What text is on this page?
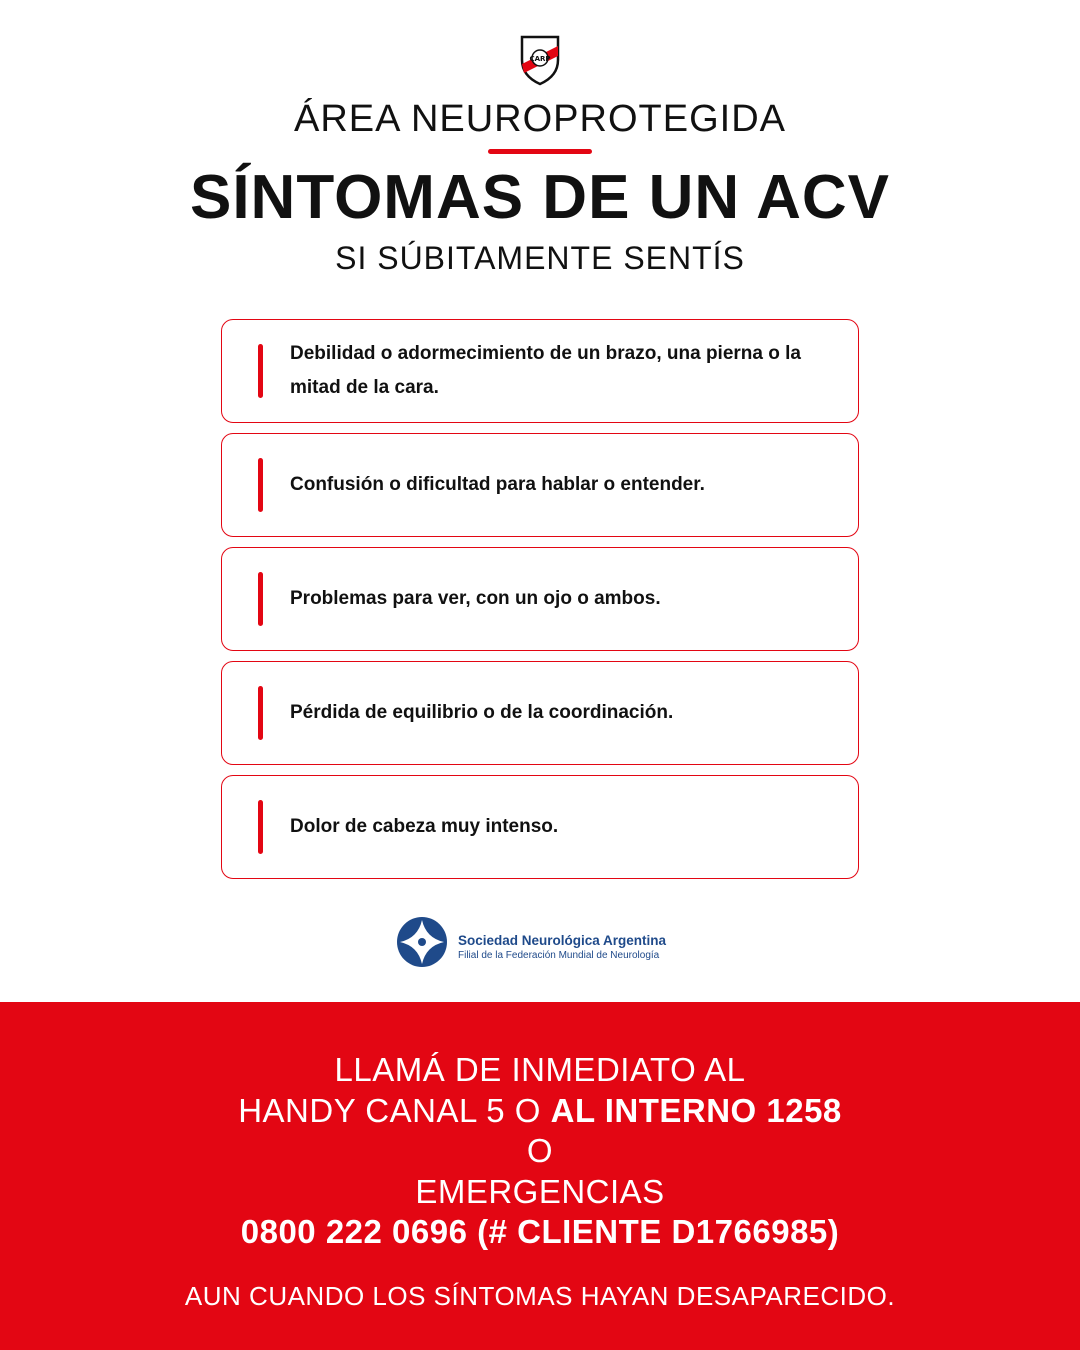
CARP
ÁREA NEUROPROTEGIDA
SÍNTOMAS DE UN ACV
SI SÚBITAMENTE SENTÍS
Debilidad o adormecimiento de un brazo, una pierna o la mitad de la cara.
Confusión o dificultad para hablar o entender.
Problemas para ver, con un ojo o ambos.
Pérdida de equilibrio o de la coordinación.
Dolor de cabeza muy intenso.
Sociedad Neurológica Argentina
Filial de la Federación Mundial de Neurología
LLAMÁ DE INMEDIATO AL
HANDY CANAL 5 O AL INTERNO 1258
O
EMERGENCIAS
0800 222 0696 (# CLIENTE D1766985)
AUN CUANDO LOS SÍNTOMAS HAYAN DESAPARECIDO.
